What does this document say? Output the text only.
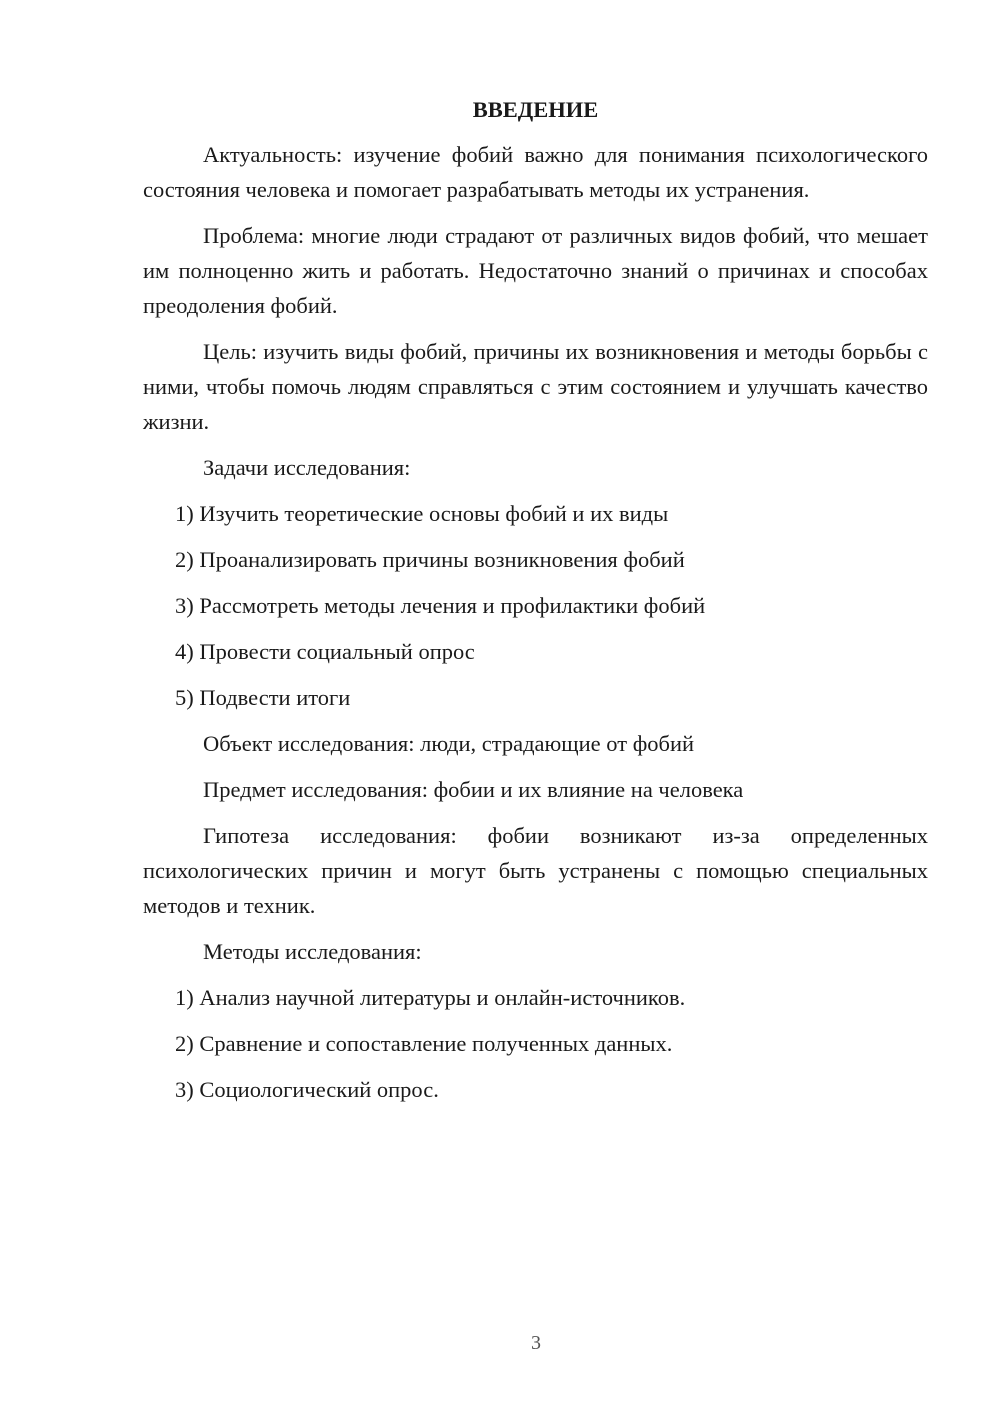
ВВЕДЕНИЕ

Актуальность: изучение фобий важно для понимания психологического состояния человека и помогает разрабатывать методы их устранения.

Проблема: многие люди страдают от различных видов фобий, что мешает им полноценно жить и работать. Недостаточно знаний о причинах и способах преодоления фобий.

Цель: изучить виды фобий, причины их возникновения и методы борьбы с ними, чтобы помочь людям справляться с этим состоянием и улучшать качество жизни.

Задачи исследования:
1) Изучить теоретические основы фобий и их виды
2) Проанализировать причины возникновения фобий
3) Рассмотреть методы лечения и профилактики фобий
4) Провести социальный опрос
5) Подвести итоги
Объект исследования: люди, страдающие от фобий
Предмет исследования: фобии и их влияние на человека

Гипотеза исследования: фобии возникают из-за определенных психологических причин и могут быть устранены с помощью специальных методов и техник.

Методы исследования:
1) Анализ научной литературы и онлайн-источников.
2) Сравнение и сопоставление полученных данных.
3) Социологический опрос.
3
